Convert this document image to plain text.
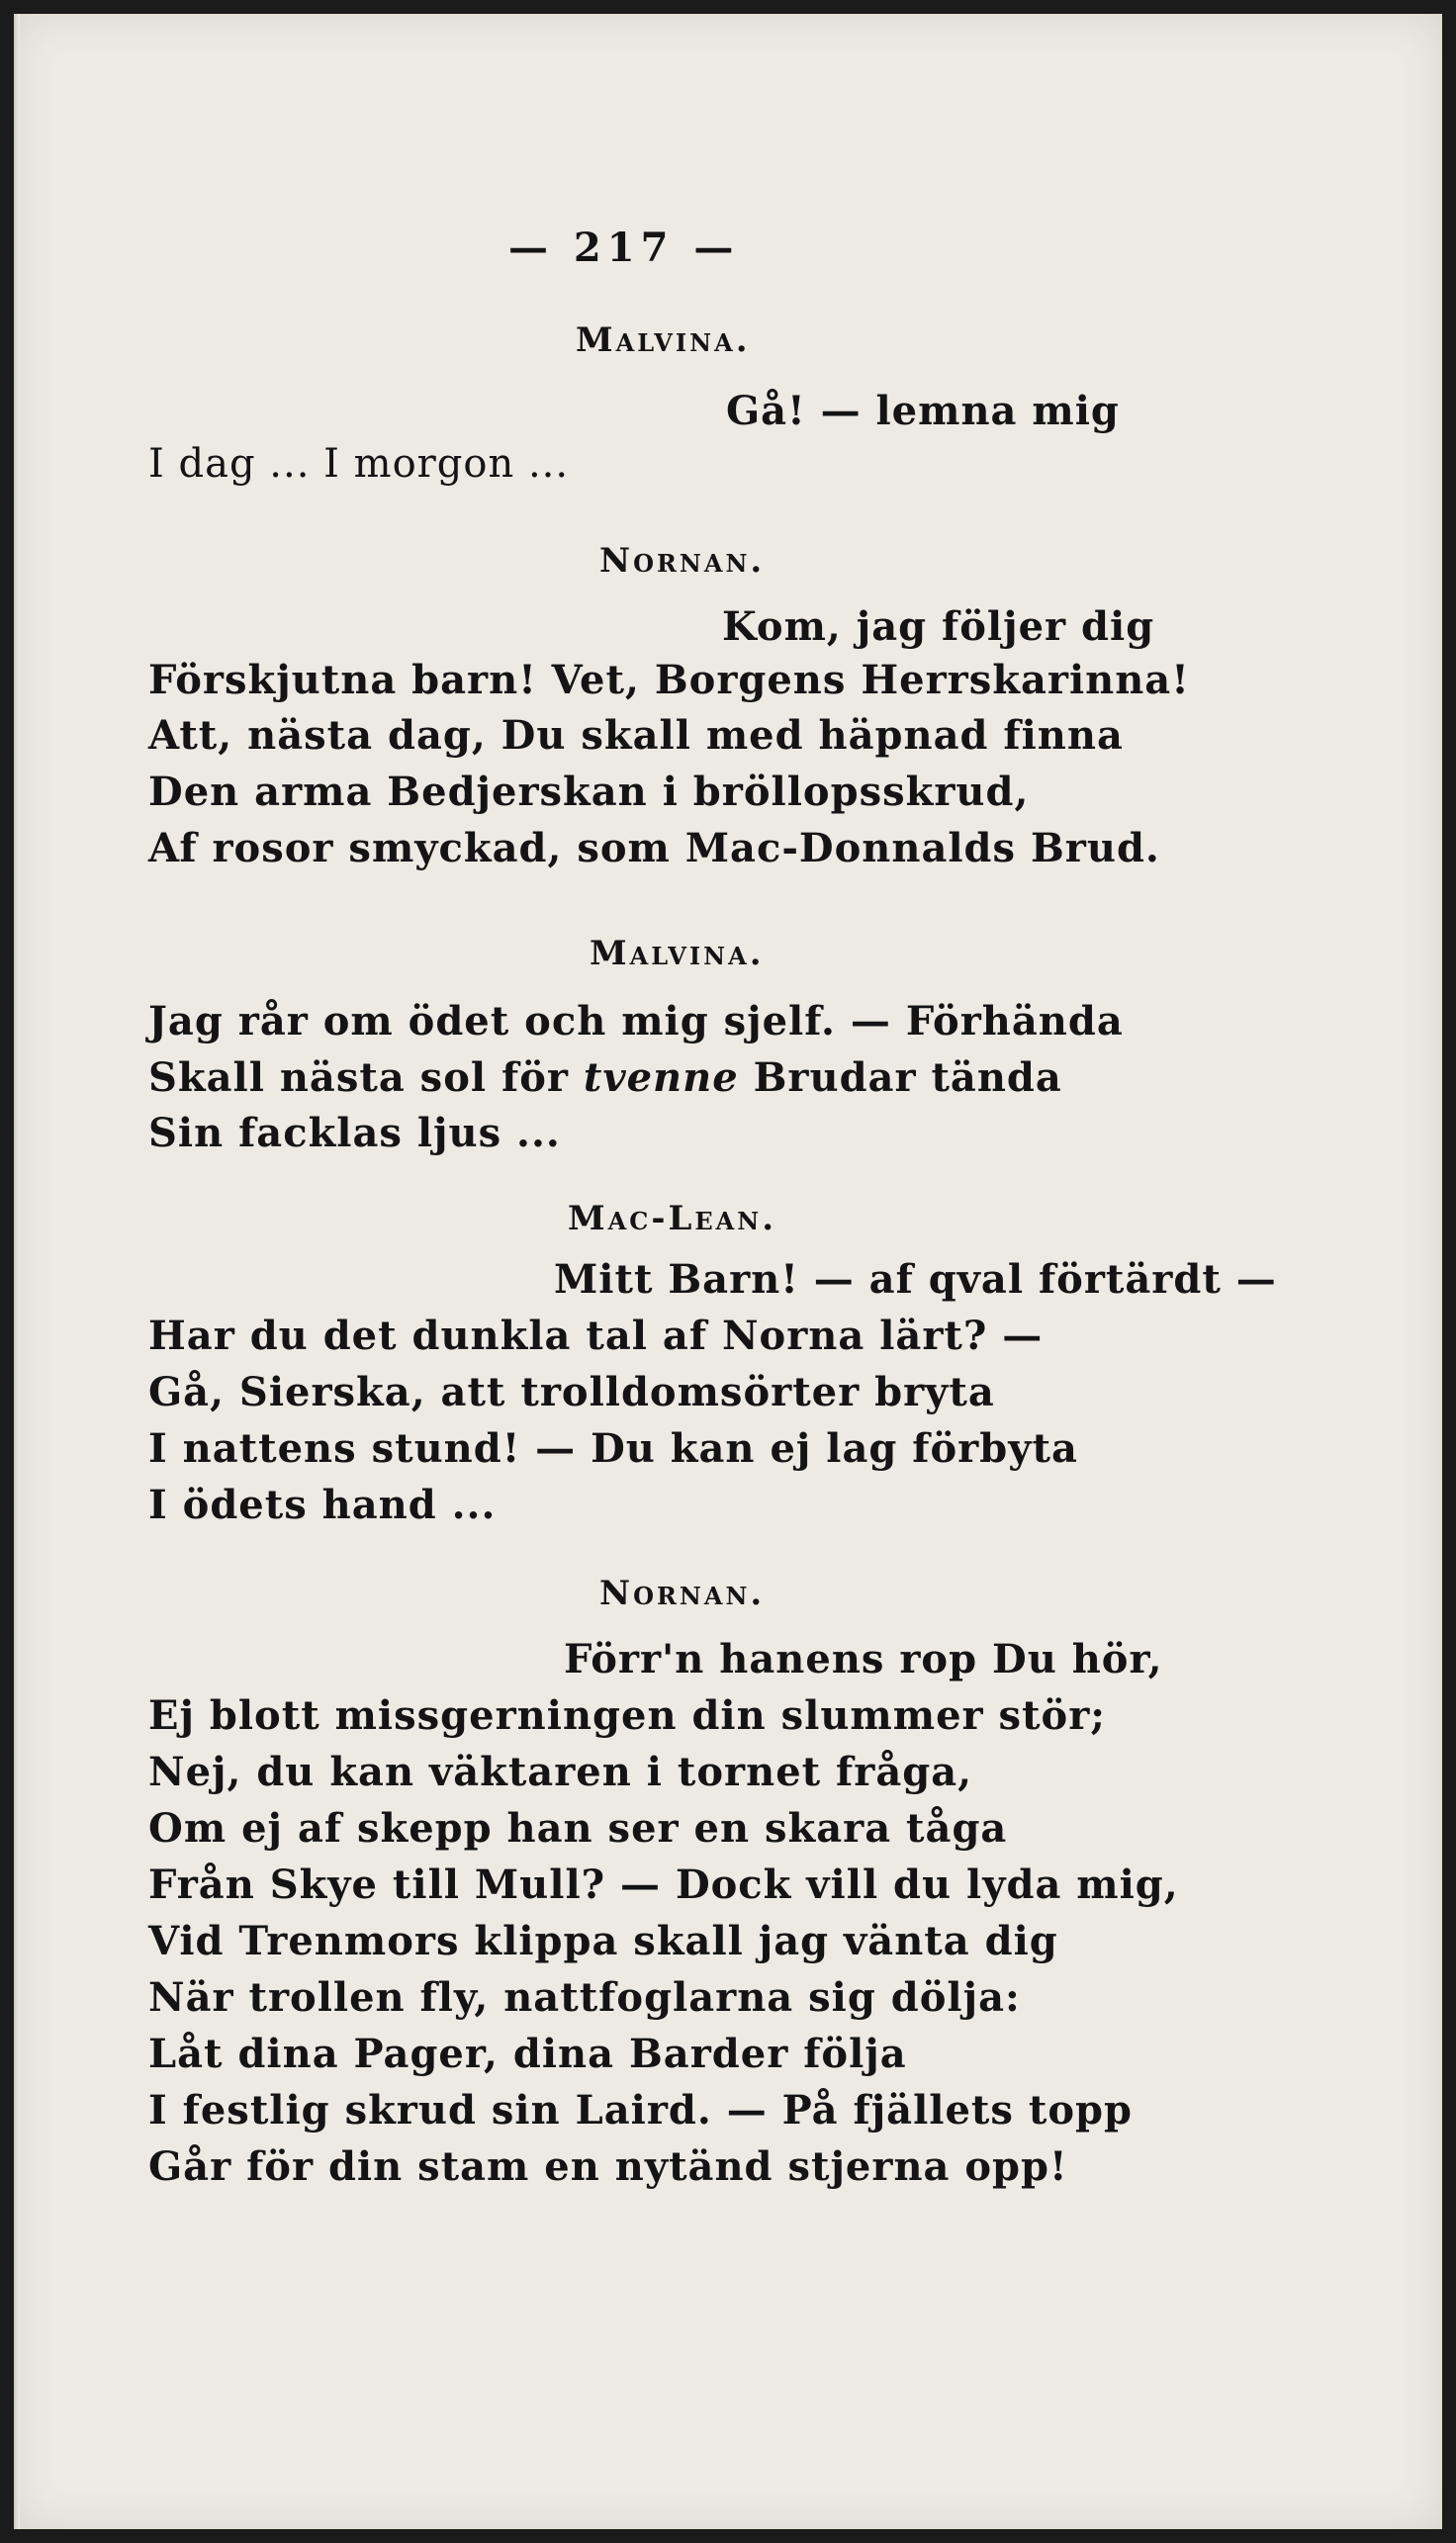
— 217 —
Malvina.
Gå! — lemna mig
I dag ... I morgon ...
Nornan.
Kom, jag följer dig
Förskjutna barn! Vet, Borgens Herrskarinna!
Att, nästa dag, Du skall med häpnad finna
Den arma Bedjerskan i bröllopsskrud,
Af rosor smyckad, som Mac-Donnalds Brud.
Malvina.
Jag rår om ödet och mig sjelf. — Förhända
Skall nästa sol för tvenne Brudar tända
Sin facklas ljus ...
Mac-Lean.
Mitt Barn! — af qval förtärdt —
Har du det dunkla tal af Norna lärt? —
Gå, Sierska, att trolldomsörter bryta
I nattens stund! — Du kan ej lag förbyta
I ödets hand ...
Nornan.
Förr'n hanens rop Du hör,
Ej blott missgerningen din slummer stör;
Nej, du kan väktaren i tornet fråga,
Om ej af skepp han ser en skara tåga
Från Skye till Mull? — Dock vill du lyda mig,
Vid Trenmors klippa skall jag vänta dig
När trollen fly, nattfoglarna sig dölja:
Låt dina Pager, dina Barder följa
I festlig skrud sin Laird. — På fjällets topp
Går för din stam en nytänd stjerna opp!
